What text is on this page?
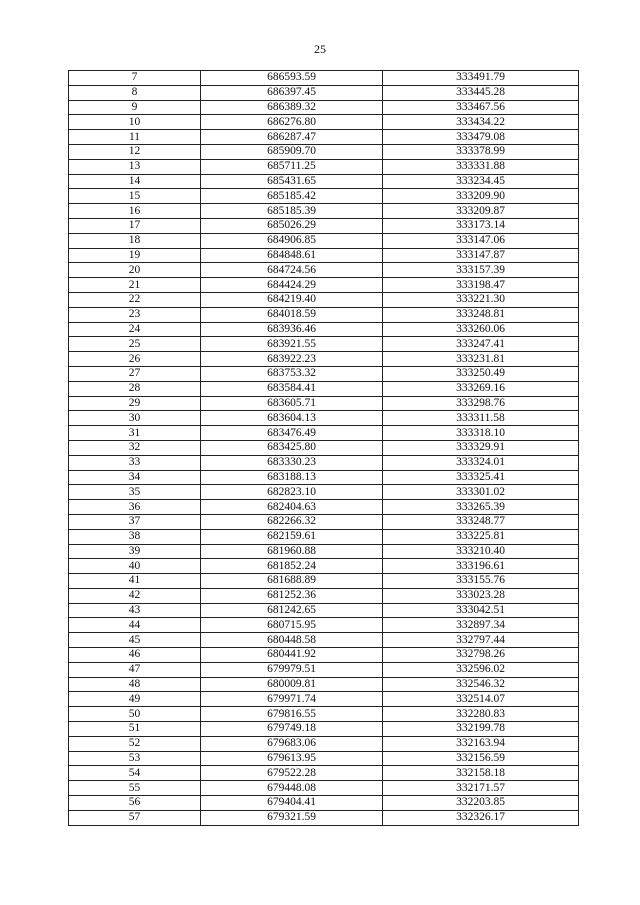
25
7	686593.59	333491.79
8	686397.45	333445.28
9	686389.32	333467.56
10	686276.80	333434.22
11	686287.47	333479.08
12	685909.70	333378.99
13	685711.25	333331.88
14	685431.65	333234.45
15	685185.42	333209.90
16	685185.39	333209.87
17	685026.29	333173.14
18	684906.85	333147.06
19	684848.61	333147.87
20	684724.56	333157.39
21	684424.29	333198.47
22	684219.40	333221.30
23	684018.59	333248.81
24	683936.46	333260.06
25	683921.55	333247.41
26	683922.23	333231.81
27	683753.32	333250.49
28	683584.41	333269.16
29	683605.71	333298.76
30	683604.13	333311.58
31	683476.49	333318.10
32	683425.80	333329.91
33	683330.23	333324.01
34	683188.13	333325.41
35	682823.10	333301.02
36	682404.63	333265.39
37	682266.32	333248.77
38	682159.61	333225.81
39	681960.88	333210.40
40	681852.24	333196.61
41	681688.89	333155.76
42	681252.36	333023.28
43	681242.65	333042.51
44	680715.95	332897.34
45	680448.58	332797.44
46	680441.92	332798.26
47	679979.51	332596.02
48	680009.81	332546.32
49	679971.74	332514.07
50	679816.55	332280.83
51	679749.18	332199.78
52	679683.06	332163.94
53	679613.95	332156.59
54	679522.28	332158.18
55	679448.08	332171.57
56	679404.41	332203.85
57	679321.59	332326.17
